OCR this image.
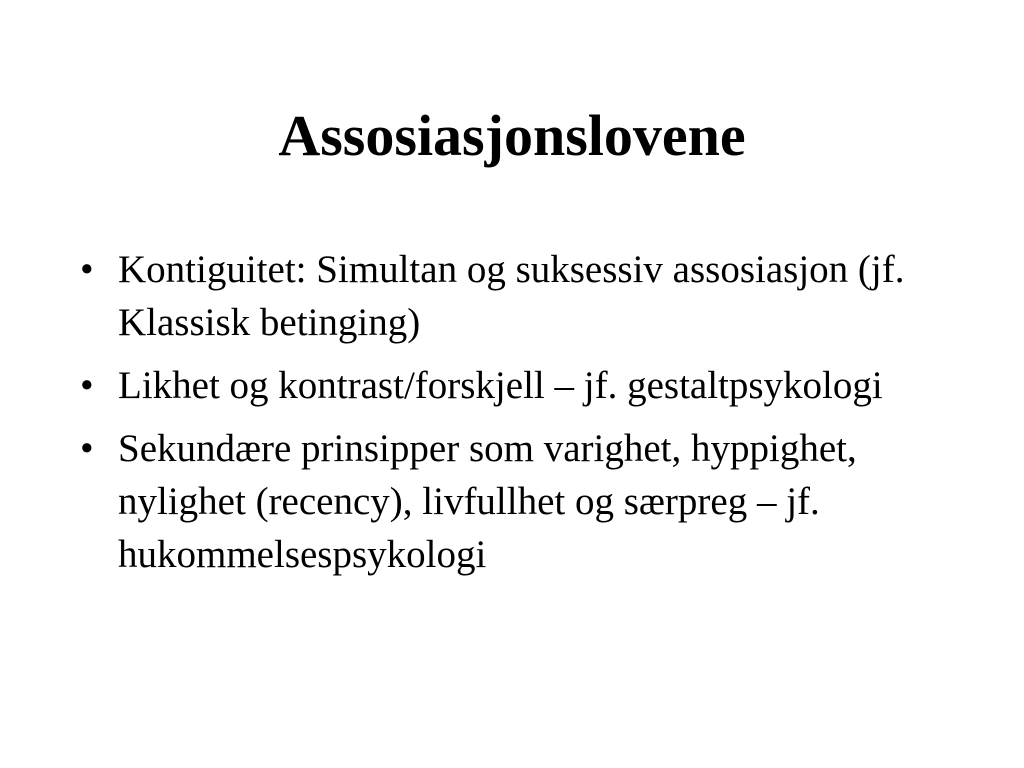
Assosiasjonslovene
• Kontiguitet: Simultan og suksessiv assosiasjon (jf. Klassisk betinging)
• Likhet og kontrast/forskjell – jf. gestaltpsykologi
• Sekundære prinsipper som varighet, hyppighet, nylighet (recency), livfullhet og særpreg – jf. hukommelsespsykologi
